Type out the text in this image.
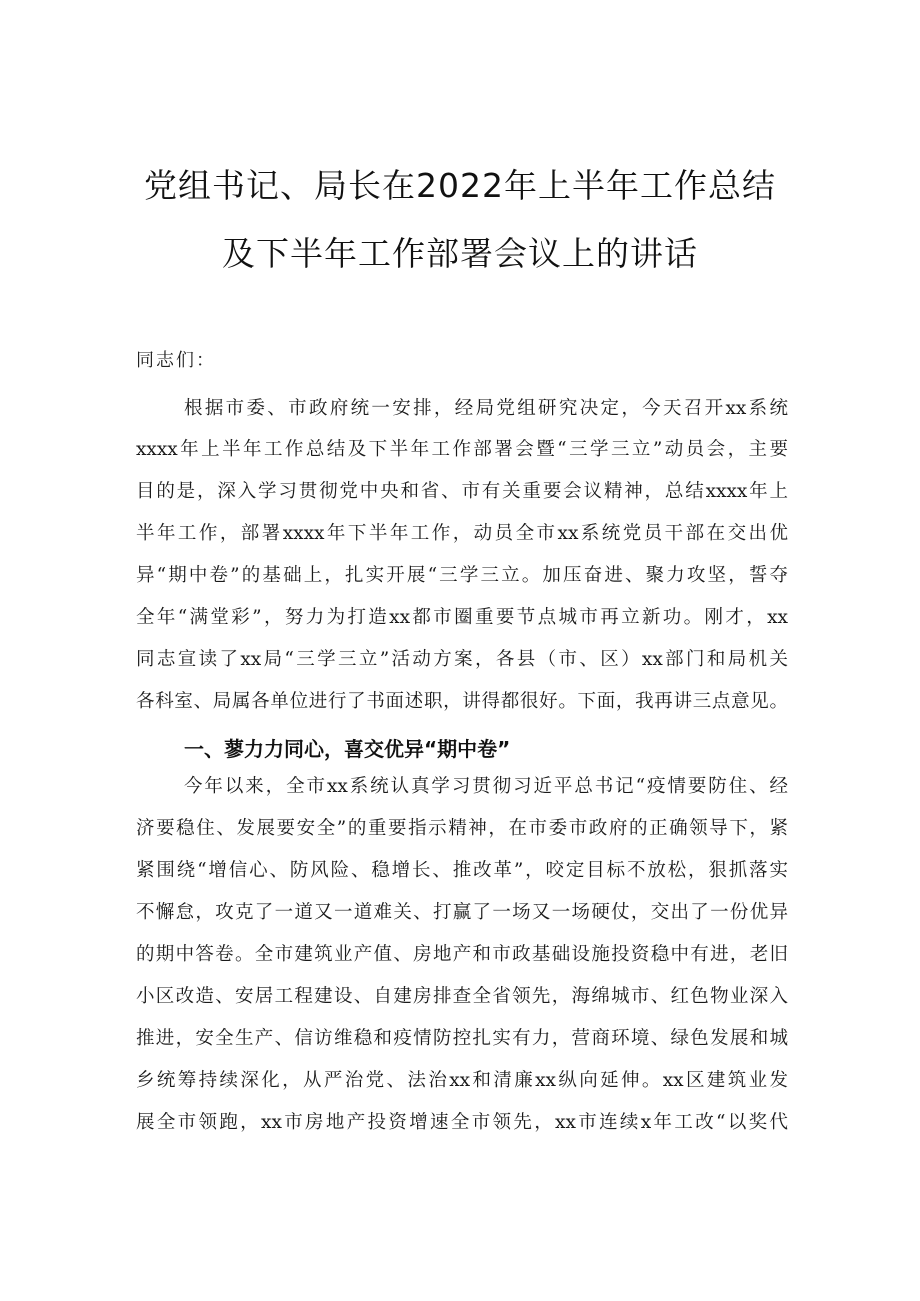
党组书记、局长在2022年上半年工作总结
及下半年工作部署会议上的讲话
同志们：
根据市委、市政府统一安排，经局党组研究决定，今天召开xx系统
xxxx年上半年工作总结及下半年工作部署会暨“三学三立”动员会，主要
目的是，深入学习贯彻党中央和省、市有关重要会议精神，总结xxxx年上
半年工作，部署xxxx年下半年工作，动员全市xx系统党员干部在交出优
异“期中卷”的基础上，扎实开展“三学三立。加压奋进、聚力攻坚，誓夺
全年“满堂彩”，努力为打造xx都市圈重要节点城市再立新功。刚才，xx
同志宣读了xx局“三学三立”活动方案，各县（市、区）xx部门和局机关
各科室、局属各单位进行了书面述职，讲得都很好。下面，我再讲三点意见。
一、蓼力力同心，喜交优异“期中卷”
今年以来，全市xx系统认真学习贯彻习近平总书记“疫情要防住、经
济要稳住、发展要安全”的重要指示精神，在市委市政府的正确领导下，紧
紧围绕“增信心、防风险、稳增长、推改革”，咬定目标不放松，狠抓落实
不懈怠，攻克了一道又一道难关、打赢了一场又一场硬仗，交出了一份优异
的期中答卷。全市建筑业产值、房地产和市政基础设施投资稳中有进，老旧
小区改造、安居工程建设、自建房排查全省领先，海绵城市、红色物业深入
推进，安全生产、信访维稳和疫情防控扎实有力，营商环境、绿色发展和城
乡统筹持续深化，从严治党、法治xx和清廉xx纵向延伸。xx区建筑业发
展全市领跑，xx市房地产投资增速全市领先，xx市连续x年工改“以奖代
